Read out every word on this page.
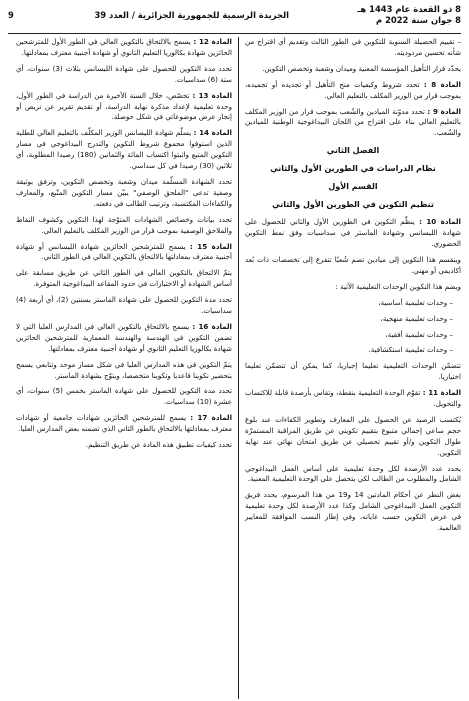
8 ذو القعدة عام 1443 هـ
8 جوان سنة 2022 م
الجريدة الرسمية للجمهورية الجزائرية / العدد 39
9

– تقييم الحصيلة السنوية للتكوين في الطور الثالث وتقديم أي اقتراح من شأنه تحسين مردوديته.

يحدّد قرار التأهيل المؤسسة المعنية وميدان وشعبة وتخصص التكوين.

المادة 8 : تحدد شروط وكيفيات منح التأهيل أو تجديده أو تجميده، بموجب قرار من الوزير المكلف بالتعليم العالي.

المادة 9 : تحدد مدوّنة الميادين والشُعب بموجب قرار من الوزير المكلف بالتعليم العالي بناء على اقتراح من اللجان البيداغوجية الوطنية للميادين والشُعب.

الفصل الثاني
نظام الدراسات في الطورين الأول والثاني
القسم الأول
تنظيم التكوين في الطورين الأول والثاني

المادة 10 : ينظّم التكوين في الطورين الأول والثاني للحصول على شهادة الليسانس وشهادة الماستر في سداسيات وفق نمط التكوين الحضوري.

وينقسم هذا التكوين إلى ميادين تضم شُعبًا تتفرع إلى تخصصات ذات بُعد أكاديمي أو مهني.

ويضم هذا التكوين الوحدات التعليمية الآتية :

– وحدات تعليمية أساسية،

– وحدات تعليمية منهجية،

– وحدات تعليمية أفقية،

– وحدات تعليمية استكشافية.

تتضمّن الوحدات التعليمية تعليما إجباريا، كما يمكن أن تتضمّن تعليما اختياريا.

المادة 11 : تقوّم الوحدة التعليمية بنقطة، وتقاس بأرصدة قابلة للاكتساب والتحويل.

يُكتسب الرصيد عن الحصول على المعارف وتطوير الكفاءات عند بلوغ حجم ساعي إجمالي متبوع بتقييم تكويني عن طريق المراقبة المستمرّة طوال التكوين و/أو تقييم تحصيلي عن طريق امتحان نهائي عند نهاية التكوين.

يحدد عدد الأرصدة لكل وحدة تعليمية على أساس العمل البيداغوجي الشامل والمطلوب من الطالب لكي يتحصل على الوحدة التعليمية المعنية.

بغض النظر عن أحكام المادتين 14 و19 من هذا المرسوم، يحدد فريق التكوين العمل البيداغوجي الشامل وكذا عدد الأرصدة لكل وحدة تعليمية في عرض التكوين حسب غاياته، وفي إطار النسب الموافقة للمعايير العالمية.

المادة 12 : يسمح بالالتحاق بالتكوين العالي في الطور الأول للمترشحين الحائزين شهادة بكالوريا التعليم الثانوي أو شهادة أجنبية معترف بمعادلتها.

تحدد مدة التكوين للحصول على شهادة الليسانس بثلاث (3) سنوات، أي ستة (6) سداسيات.

المادة 13 : تخصّص، خلال السنة الأخيرة من الدراسة في الطور الأول، وحدة تعليمية لإعداد مذكرة نهاية الدراسة، أو تقديم تقرير عن تربص أو إنجاز عرض موضوعاتي في شكل حوصلة.

المادة 14 : يسلّم شهادة الليسانس الوزير المكلّف بالتعليم العالي للطلبة الذين استوفوا مجموع شروط التكوين والتدرج البيداغوجي في مسار التكوين المتبع واثبتوا اكتساب المائة والثمانين (180) رصيدا المطلوبة، أي ثلاثين (30) رصيدا في كل سداسي.

تحدد الشهادة المسلّمة ميدان وشعبة وتخصص التكوين، وترفق بوثيقة وصفية تدعى "الملحق الوصفي" يبيّن مسار التكوين المتّبع، والمعارف والكفاءات المكتسبة، وترتيب الطالب في دفعته.

تحدد بيانات وخصائص الشهادات المتوّجة لهذا التكوين وكشوف النقاط والملاحق الوصفية بموجب قرار من الوزير المكلف بالتعليم العالي.

المادة 15 : يسمح للمترشحين الحائزين شهادة الليسانس أو شهادة أجنبية معترف بمعادلتها بالالتحاق بالتكوين العالي في الطور الثاني.

يتمّ الالتحاق بالتكوين العالي في الطور الثاني عن طريق مسابقة على أساس الشهادة أو الاختبارات في حدود المقاعد البيداغوجية المتوفرة.

تحدد مدة التكوين للحصول على شهادة الماستر بسنتين (2)، أي أربعة (4) سداسيات.

المادة 16 : يسمح بالالتحاق بالتكوين العالي في المدارس العليا التي لا تضمن التكوين في الهندسة والهندسة المعمارية للمترشحين الحائزين شهادة بكالوريا التعليم الثانوي أو شهادة أجنبية معترف بمعادلتها.

يتمّ التكوين في هذه المدارس العليا في شكل مسار موحد وتتابعي يسمح بتحضير تكوينا قاعديا وتكوينا متخصصا، ويتوّج بشهادة الماستر.

تحدد مدة التكوين للحصول على شهادة الماستر بخمس (5) سنوات، أي عشرة (10) سداسيات.

المادة 17 : يسمح للمترشحين الحائزين شهادات جامعية أو شهادات معترف بمعادلتها بالالتحاق بالطور الثاني الذي تضمنه بعض المدارس العليا.

تحدد كيفيات تطبيق هذه المادة عن طريق التنظيم.
